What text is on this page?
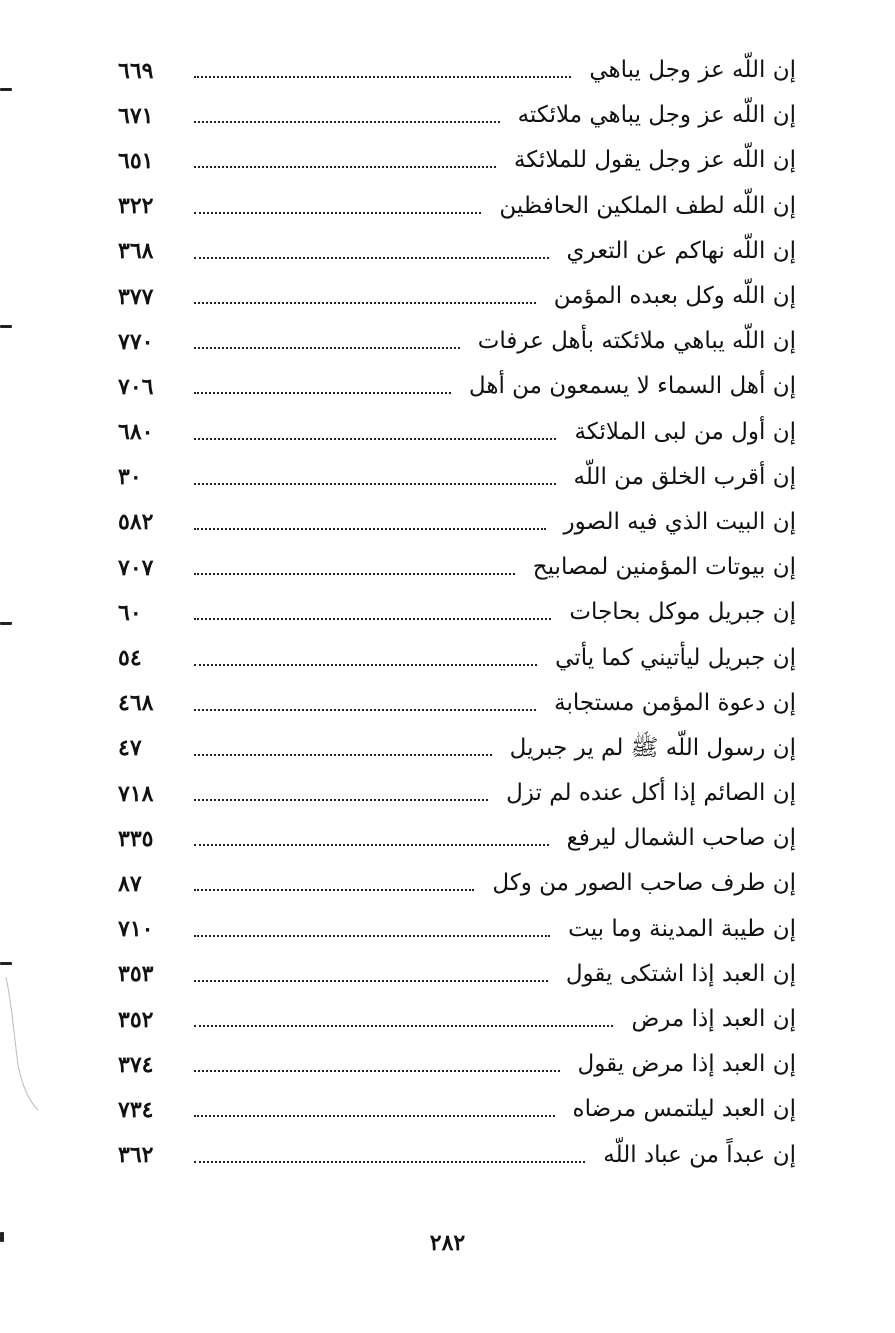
إن اللّه عز وجل يباهي
٦٦٩
إن اللّه عز وجل يباهي ملائكته
٦٧١
إن اللّه عز وجل يقول للملائكة
٦٥١
إن اللّه لطف الملكين الحافظين
٣٢٢
إن اللّه نهاكم عن التعري
٣٦٨
إن اللّه وكل بعبده المؤمن
٣٧٧
إن اللّه يباهي ملائكته بأهل عرفات
٧٧٠
إن أهل السماء لا يسمعون من أهل
٧٠٦
إن أول من لبى الملائكة
٦٨٠
إن أقرب الخلق من اللّه
٣٠
إن البيت الذي فيه الصور
٥٨٢
إن بيوتات المؤمنين لمصابيح
٧٠٧
إن جبريل موكل بحاجات
٦٠
إن جبريل ليأتيني كما يأتي
٥٤
إن دعوة المؤمن مستجابة
٤٦٨
إن رسول اللّه ﷺ لم ير جبريل
٤٧
إن الصائم إذا أكل عنده لم تزل
٧١٨
إن صاحب الشمال ليرفع
٣٣٥
إن طرف صاحب الصور من وكل
٨٧
إن طيبة المدينة وما بيت
٧١٠
إن العبد إذا اشتكى يقول
٣٥٣
إن العبد إذا مرض
٣٥٢
إن العبد إذا مرض يقول
٣٧٤
إن العبد ليلتمس مرضاه
٧٣٤
إن عبداً من عباد اللّه
٣٦٢
٢٨٢
